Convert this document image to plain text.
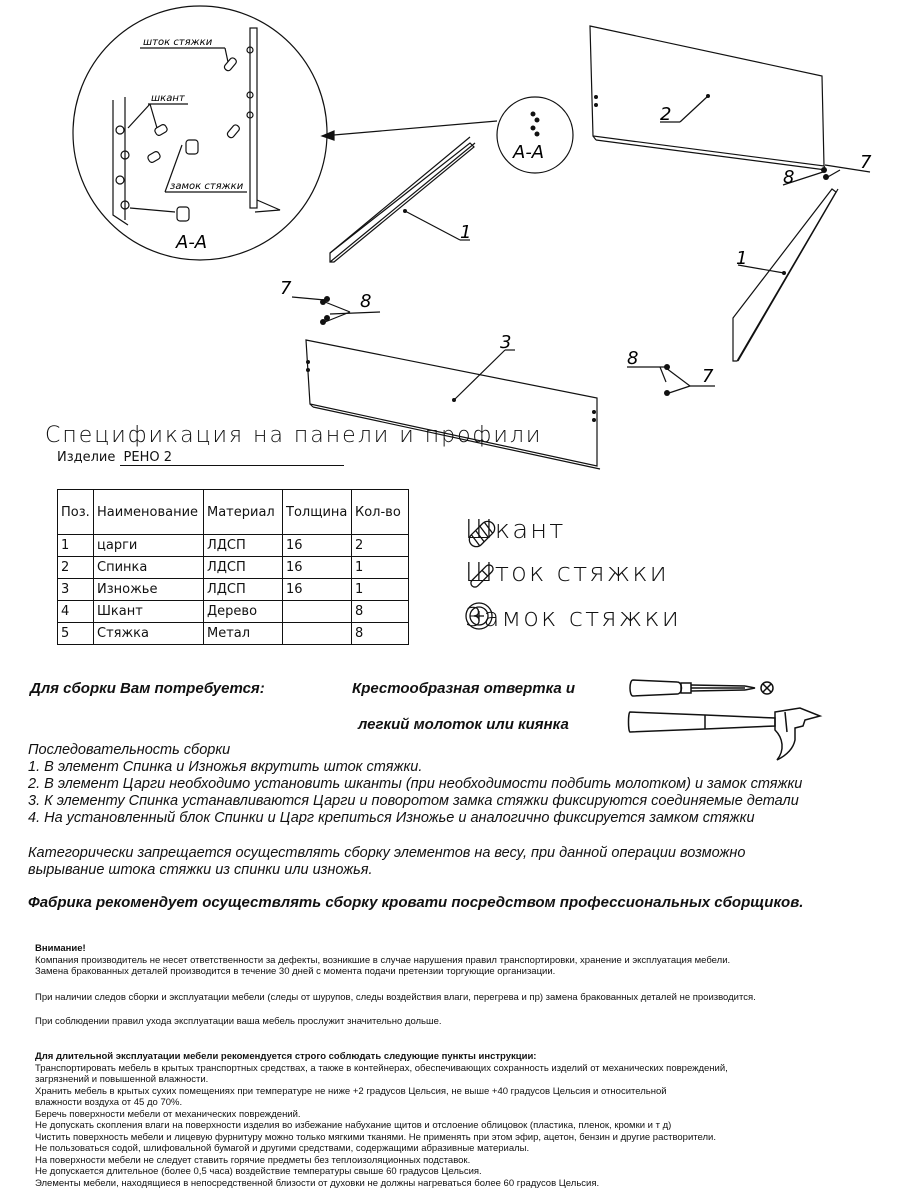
шток стяжки
шкант
замок стяжки
А-А
А-А
1
2
1
3
7
8
7
8
8
7
Спецификация на панели и профили
Изделие РЕНО 2
Поз.	Наименование	Материал	Толщина	Кол-во
1	царги	ЛДСП	16	2
2	Спинка	ЛДСП	16	1
3	Изножье	ЛДСП	16	1
4	Шкант	Дерево		8
5	Стяжка	Метал		8
Шкант
Шток стяжки
Замок стяжки
Для сборки Вам потребуется:	Крестообразная отвертка и
легкий молоток или киянка
Последовательность сборки
1. В элемент Спинка и Изножья вкрутить шток стяжки.
2. В элемент Царги необходимо установить шканты (при необходимости подбить молотком) и замок стяжки
3. К элементу Спинка устанавливаются Царги и поворотом замка стяжки фиксируются соединяемые детали
4. На установленный блок Спинки и Царг крепиться Изножье и аналогично фиксируется замком стяжки
Категорически запрещается осуществлять сборку элементов на весу, при данной операции возможно
вырывание штока стяжки из спинки или изножья.
Фабрика рекомендует осуществлять сборку кровати посредством профессиональных сборщиков.
Внимание!
Компания производитель не несет ответственности за дефекты, возникшие в случае нарушения правил транспортировки, хранение и эксплуатация мебели.
Замена бракованных деталей производится в течение 30 дней с момента подачи претензии торгующие организации.
При наличии следов сборки и эксплуатации мебели (следы от шурупов, следы воздействия влаги, перегрева и пр) замена бракованных деталей не производится.
При соблюдении правил ухода эксплуатации ваша мебель прослужит значительно дольше.
Для длительной эксплуатации мебели рекомендуется строго соблюдать следующие пункты инструкции:
Транспортировать мебель в крытых транспортных средствах, а также в контейнерах, обеспечивающих сохранность изделий от механических повреждений,
загрязнений и повышенной влажности.
Хранить мебель в крытых сухих помещениях при температуре не ниже +2 градусов Цельсия, не выше +40 градусов Цельсия и относительной
влажности воздуха от 45 до 70%.
Беречь поверхности мебели от механических повреждений.
Не допускать скопления влаги на поверхности изделия во избежание набухание щитов и отслоение облицовок (пластика, пленок, кромки и т д)
Чистить поверхность мебели и лицевую фурнитуру можно только мягкими тканями. Не применять при этом эфир, ацетон, бензин и другие растворители.
Не пользоваться содой, шлифовальной бумагой и другими средствами, содержащими абразивные материалы.
На поверхности мебели не следует ставить горячие предметы без теплоизоляционных подставок.
Не допускается длительное (более 0,5 часа) воздействие температуры свыше 60 градусов Цельсия.
Элементы мебели, находящиеся в непосредственной близости от духовки не должны нагреваться более 60 градусов Цельсия.
